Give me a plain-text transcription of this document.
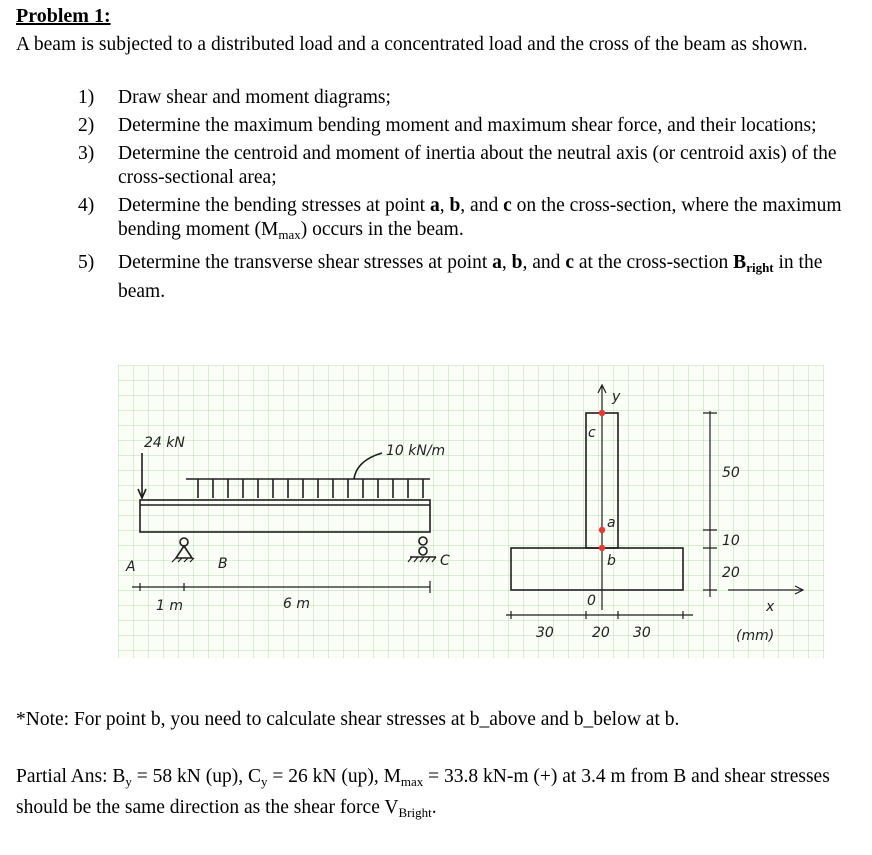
Problem 1:
A beam is subjected to a distributed load and a concentrated load and the cross of the beam as shown.
1) Draw shear and moment diagrams;
2) Determine the maximum bending moment and maximum shear force, and their locations;
3) Determine the centroid and moment of inertia about the neutral axis (or centroid axis) of the cross-sectional area;
4) Determine the bending stresses at point a, b, and c on the cross-section, where the maximum bending moment $(M_{max})$ occurs in the beam.
5) Determine the transverse shear stresses at point a, b, and c at the cross-section $B_{right}$ in the beam.
24 kN	10 kN/m
A	B	C
1 m	6 m
y
c
a
b
0
50
10
20
30	20 30
x
(mm)
*Note: For point b, you need to calculate shear stresses at b_above and b_below at b.
Partial Ans: $B_y = 58$ kN (up), $C_y = 26$ kN (up), $M_{max} = 33.8$ kN-m (+) at 3.4 m from B and shear stresses should be the same direction as the shear force $V_{Bright}$.
